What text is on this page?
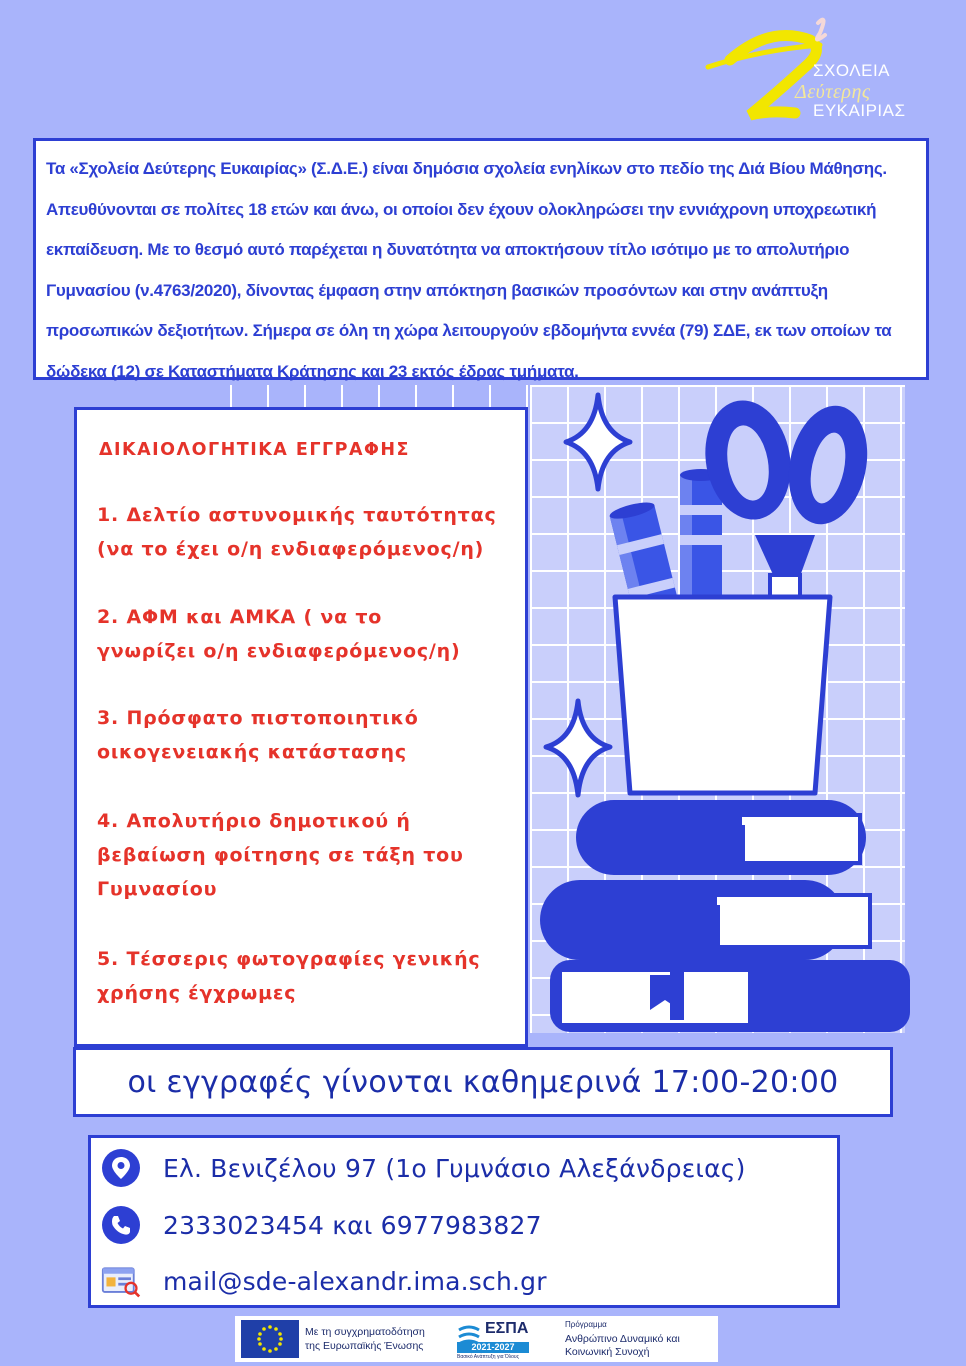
ΣΧΟΛΕΙΑ
Δεύτερης
ΕΥΚΑΙΡΙΑΣ

Τα «Σχολεία Δεύτερης Ευκαιρίας» (Σ.Δ.Ε.) είναι δημόσια σχολεία ενηλίκων στο πεδίο της Διά Βίου Μάθησης. Απευθύνονται σε πολίτες 18 ετών και άνω, οι οποίοι δεν έχουν ολοκληρώσει την εννιάχρονη υποχρεωτική εκπαίδευση. Με το θεσμό αυτό παρέχεται η δυνατότητα να αποκτήσουν τίτλο ισότιμο με το απολυτήριο Γυμνασίου (ν.4763/2020), δίνοντας έμφαση στην απόκτηση βασικών προσόντων και στην ανάπτυξη προσωπικών δεξιοτήτων. Σήμερα σε όλη τη χώρα λειτουργούν εβδομήντα εννέα (79) ΣΔΕ, εκ των οποίων τα δώδεκα (12) σε Καταστήματα Κράτησης και 23 εκτός έδρας τμήματα.

ΔΙΚΑΙΟΛΟΓΗΤΙΚΑ ΕΓΓΡΑΦΗΣ

1. Δελτίο αστυνομικής ταυτότητας
(να το έχει ο/η ενδιαφερόμενος/η)

2. ΑΦΜ και ΑΜΚΑ ( να το
γνωρίζει ο/η ενδιαφερόμενος/η)

3. Πρόσφατο πιστοποιητικό
οικογενειακής κατάστασης

4. Απολυτήριο δημοτικού ή
βεβαίωση φοίτησης σε τάξη του
Γυμνασίου

5. Τέσσερις φωτογραφίες γενικής
χρήσης έγχρωμες

οι εγγραφές γίνονται καθημερινά 17:00-20:00
Ελ. Βενιζέλου 97 (1ο Γυμνάσιο Αλεξάνδρειας)
2333023454 και 6977983827
mail@sde-alexandr.ima.sch.gr
Με τη συγχρηματοδότηση
της Ευρωπαϊκής Ένωσης
ΕΣΠΑ
2021-2027
Βασικό Ανάπτυξη για Όλους
Πρόγραμμα
Ανθρώπινο Δυναμικό και
Κοινωνική Συνοχή
